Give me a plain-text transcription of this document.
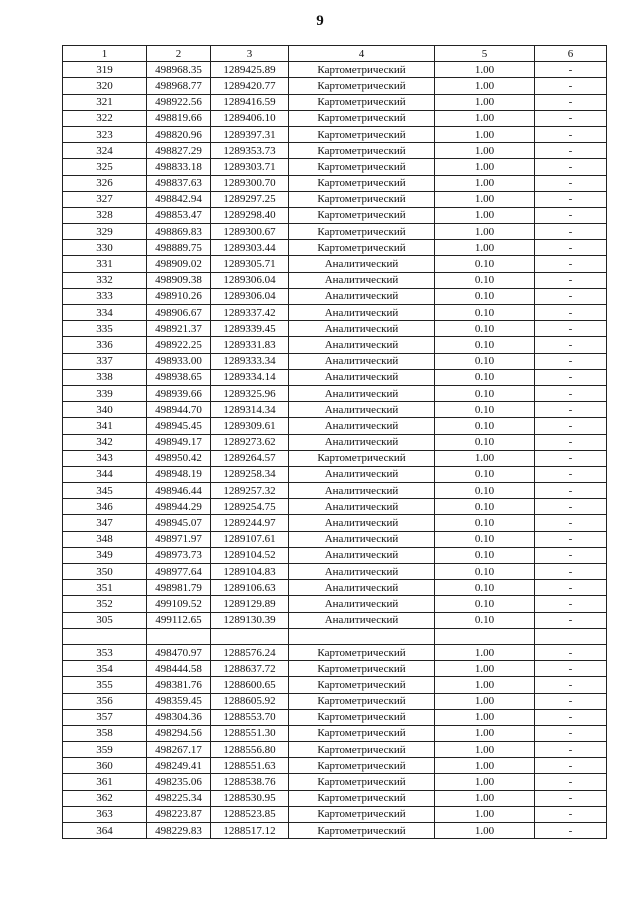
9
1	2	3	4	5	6
319	498968.35	1289425.89	Картометрический	1.00	-
320	498968.77	1289420.77	Картометрический	1.00	-
321	498922.56	1289416.59	Картометрический	1.00	-
322	498819.66	1289406.10	Картометрический	1.00	-
323	498820.96	1289397.31	Картометрический	1.00	-
324	498827.29	1289353.73	Картометрический	1.00	-
325	498833.18	1289303.71	Картометрический	1.00	-
326	498837.63	1289300.70	Картометрический	1.00	-
327	498842.94	1289297.25	Картометрический	1.00	-
328	498853.47	1289298.40	Картометрический	1.00	-
329	498869.83	1289300.67	Картометрический	1.00	-
330	498889.75	1289303.44	Картометрический	1.00	-
331	498909.02	1289305.71	Аналитический	0.10	-
332	498909.38	1289306.04	Аналитический	0.10	-
333	498910.26	1289306.04	Аналитический	0.10	-
334	498906.67	1289337.42	Аналитический	0.10	-
335	498921.37	1289339.45	Аналитический	0.10	-
336	498922.25	1289331.83	Аналитический	0.10	-
337	498933.00	1289333.34	Аналитический	0.10	-
338	498938.65	1289334.14	Аналитический	0.10	-
339	498939.66	1289325.96	Аналитический	0.10	-
340	498944.70	1289314.34	Аналитический	0.10	-
341	498945.45	1289309.61	Аналитический	0.10	-
342	498949.17	1289273.62	Аналитический	0.10	-
343	498950.42	1289264.57	Картометрический	1.00	-
344	498948.19	1289258.34	Аналитический	0.10	-
345	498946.44	1289257.32	Аналитический	0.10	-
346	498944.29	1289254.75	Аналитический	0.10	-
347	498945.07	1289244.97	Аналитический	0.10	-
348	498971.97	1289107.61	Аналитический	0.10	-
349	498973.73	1289104.52	Аналитический	0.10	-
350	498977.64	1289104.83	Аналитический	0.10	-
351	498981.79	1289106.63	Аналитический	0.10	-
352	499109.52	1289129.89	Аналитический	0.10	-
305	499112.65	1289130.39	Аналитический	0.10	-

353	498470.97	1288576.24	Картометрический	1.00	-
354	498444.58	1288637.72	Картометрический	1.00	-
355	498381.76	1288600.65	Картометрический	1.00	-
356	498359.45	1288605.92	Картометрический	1.00	-
357	498304.36	1288553.70	Картометрический	1.00	-
358	498294.56	1288551.30	Картометрический	1.00	-
359	498267.17	1288556.80	Картометрический	1.00	-
360	498249.41	1288551.63	Картометрический	1.00	-
361	498235.06	1288538.76	Картометрический	1.00	-
362	498225.34	1288530.95	Картометрический	1.00	-
363	498223.87	1288523.85	Картометрический	1.00	-
364	498229.83	1288517.12	Картометрический	1.00	-
